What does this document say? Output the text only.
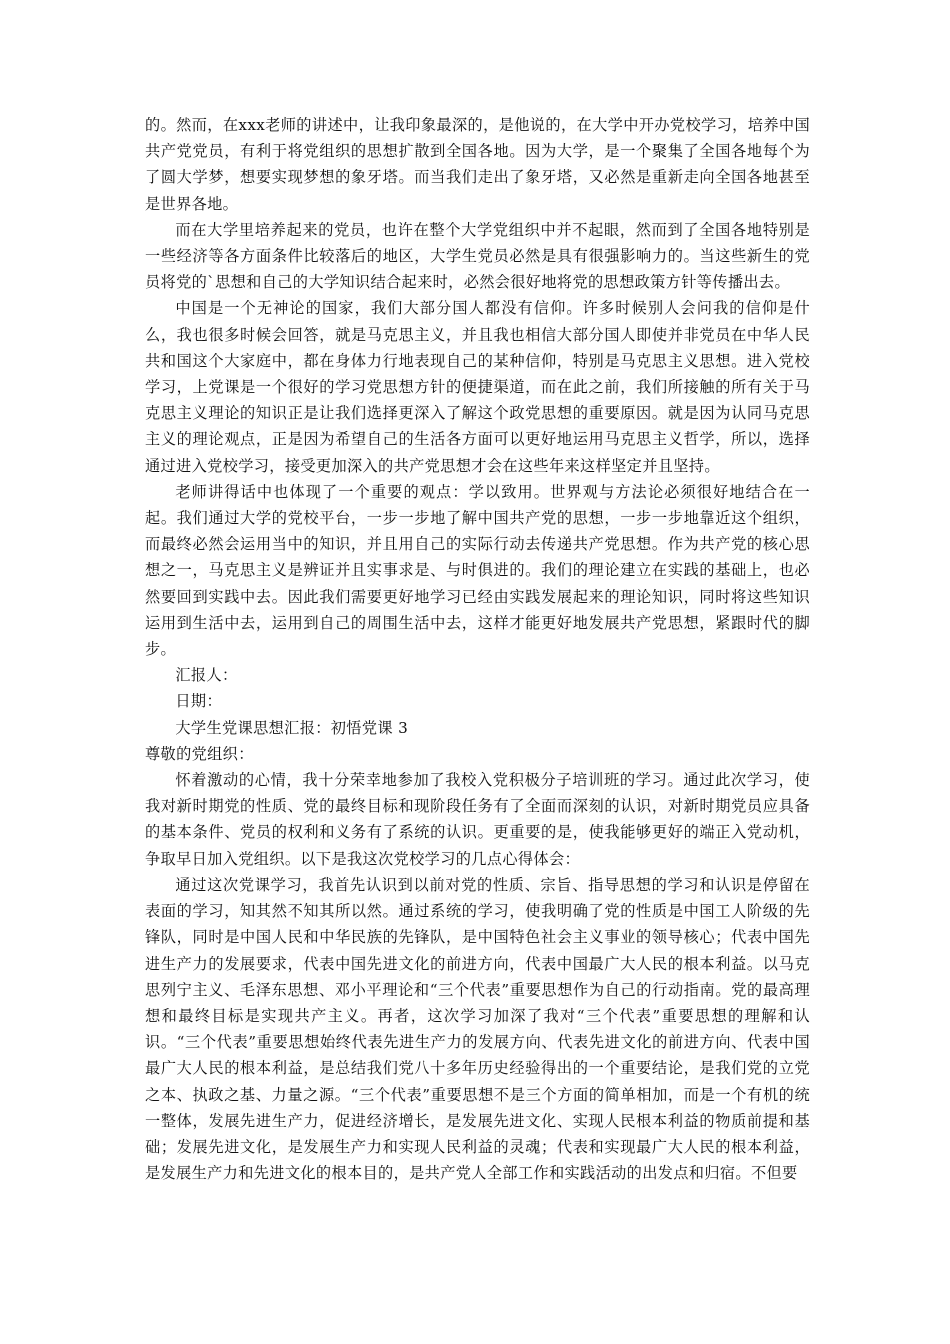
的。然而，在xxx老师的讲述中，让我印象最深的，是他说的，在大学中开办党校学习，培养中国共产党党员，有利于将党组织的思想扩散到全国各地。因为大学，是一个聚集了全国各地每个为了圆大学梦，想要实现梦想的象牙塔。而当我们走出了象牙塔，又必然是重新走向全国各地甚至是世界各地。

而在大学里培养起来的党员，也许在整个大学党组织中并不起眼，然而到了全国各地特别是一些经济等各方面条件比较落后的地区，大学生党员必然是具有很强影响力的。当这些新生的党员将党的`思想和自己的大学知识结合起来时，必然会很好地将党的思想政策方针等传播出去。

中国是一个无神论的国家，我们大部分国人都没有信仰。许多时候别人会问我的信仰是什么，我也很多时候会回答，就是马克思主义，并且我也相信大部分国人即使并非党员在中华人民共和国这个大家庭中，都在身体力行地表现自己的某种信仰，特别是马克思主义思想。进入党校学习，上党课是一个很好的学习党思想方针的便捷渠道，而在此之前，我们所接触的所有关于马克思主义理论的知识正是让我们选择更深入了解这个政党思想的重要原因。就是因为认同马克思主义的理论观点，正是因为希望自己的生活各方面可以更好地运用马克思主义哲学，所以，选择通过进入党校学习，接受更加深入的共产党思想才会在这些年来这样坚定并且坚持。

老师讲得话中也体现了一个重要的观点：学以致用。世界观与方法论必须很好地结合在一起。我们通过大学的党校平台，一步一步地了解中国共产党的思想，一步一步地靠近这个组织，而最终必然会运用当中的知识，并且用自己的实际行动去传递共产党思想。作为共产党的核心思想之一，马克思主义是辨证并且实事求是、与时俱进的。我们的理论建立在实践的基础上，也必然要回到实践中去。因此我们需要更好地学习已经由实践发展起来的理论知识，同时将这些知识运用到生活中去，运用到自己的周围生活中去，这样才能更好地发展共产党思想，紧跟时代的脚步。

汇报人：

日期：

大学生党课思想汇报：初悟党课 3

尊敬的党组织：

怀着激动的心情，我十分荣幸地参加了我校入党积极分子培训班的学习。通过此次学习，使我对新时期党的性质、党的最终目标和现阶段任务有了全面而深刻的认识，对新时期党员应具备的基本条件、党员的权利和义务有了系统的认识。更重要的是，使我能够更好的端正入党动机，争取早日加入党组织。以下是我这次党校学习的几点心得体会：

通过这次党课学习，我首先认识到以前对党的性质、宗旨、指导思想的学习和认识是停留在表面的学习，知其然不知其所以然。通过系统的学习，使我明确了党的性质是中国工人阶级的先锋队，同时是中国人民和中华民族的先锋队，是中国特色社会主义事业的领导核心；代表中国先进生产力的发展要求，代表中国先进文化的前进方向，代表中国最广大人民的根本利益。以马克思列宁主义、毛泽东思想、邓小平理论和“三个代表”重要思想作为自己的行动指南。党的最高理想和最终目标是实现共产主义。再者，这次学习加深了我对“三个代表”重要思想的理解和认识。“三个代表”重要思想始终代表先进生产力的发展方向、代表先进文化的前进方向、代表中国最广大人民的根本利益，是总结我们党八十多年历史经验得出的一个重要结论，是我们党的立党之本、执政之基、力量之源。“三个代表”重要思想不是三个方面的简单相加，而是一个有机的统一整体，发展先进生产力，促进经济增长，是发展先进文化、实现人民根本利益的物质前提和基础；发展先进文化，是发展生产力和实现人民利益的灵魂；代表和实现最广大人民的根本利益，是发展生产力和先进文化的根本目的，是共产党人全部工作和实践活动的出发点和归宿。不但要
